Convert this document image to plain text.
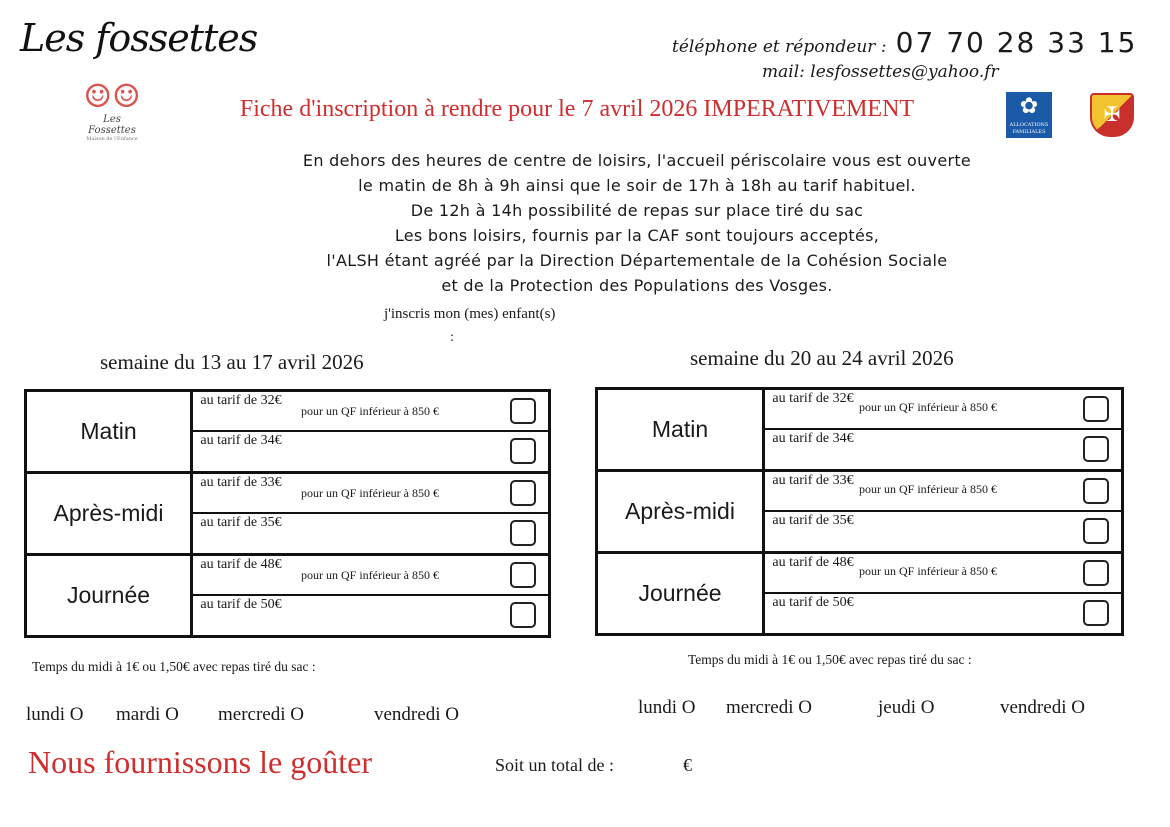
Les fossettes
☺☺
Les Fossettes
Maison de l'Enfance
téléphone et répondeur : 07 70 28 33 15
mail: lesfossettes@yahoo.fr
Fiche d'inscription à rendre pour le 7 avril 2026 IMPERATIVEMENT	✿
ALLOCATIONS FAMILIALES
✠
En dehors des heures de centre de loisirs, l'accueil périscolaire vous est ouverte
le matin de 8h à 9h ainsi que le soir de 17h à 18h au tarif habituel.
De 12h à 14h possibilité de repas sur place tiré du sac
Les bons loisirs, fournis par la CAF sont toujours acceptés,
l'ALSH étant agréé par la Direction Départementale de la Cohésion Sociale
et de la Protection des Populations des Vosges.
j'inscris mon (mes) enfant(s)
:
semaine du 13 au 17 avril 2026
Matin
au tarif de 32€
pour un QF inférieur à 850 €
au tarif de 34€
Après-midi
au tarif de 33€
pour un QF inférieur à 850 €
au tarif de 35€
Journée
au tarif de 48€
pour un QF inférieur à 850 €
au tarif de 50€
Temps du midi à 1€ ou 1,50€ avec repas tiré du sac :
lundi O mardi O mercredi O	vendredi O
semaine du 20 au 24 avril 2026
Matin
au tarif de 32€
pour un QF inférieur à 850 €
au tarif de 34€
Après-midi
au tarif de 33€
pour un QF inférieur à 850 €
au tarif de 35€
Journée
au tarif de 48€
pour un QF inférieur à 850 €
au tarif de 50€
Temps du midi à 1€ ou 1,50€ avec repas tiré du sac :
lundi O mercredi O	jeudi O	vendredi O
Nous fournissons le goûter	Soit un total de :	€
